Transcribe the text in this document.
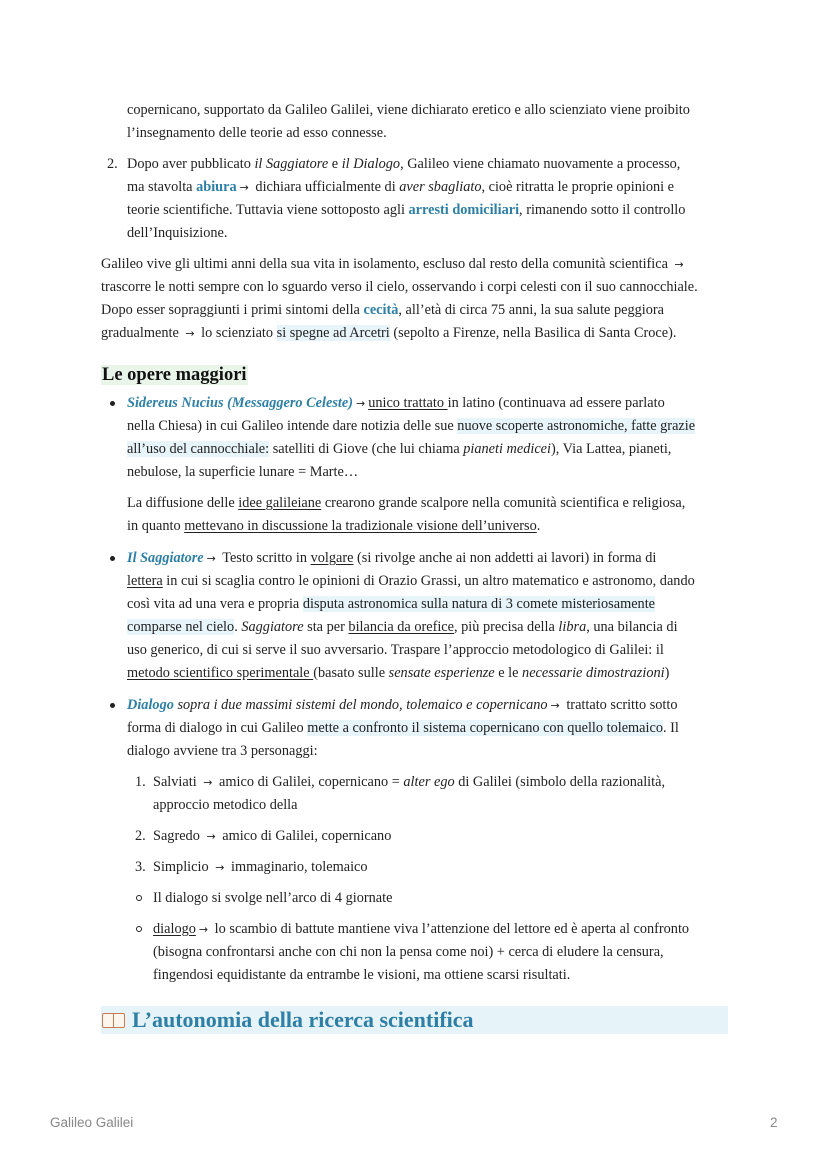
copernicano, supportato da Galileo Galilei, viene dichiarato eretico e allo scienziato viene proibito

l’insegnamento delle teorie ad esso connesse.

2. Dopo aver pubblicato il Saggiatore e il Dialogo, Galileo viene chiamato nuovamente a processo,

ma stavolta abiura → dichiara ufficialmente di aver sbagliato, cioè ritratta le proprie opinioni e

teorie scientifiche. Tuttavia viene sottoposto agli arresti domiciliari, rimanendo sotto il controllo

dell’Inquisizione.

Galileo vive gli ultimi anni della sua vita in isolamento, escluso dal resto della comunità scientifica →

trascorre le notti sempre con lo sguardo verso il cielo, osservando i corpi celesti con il suo cannocchiale.

Dopo esser sopraggiunti i primi sintomi della cecità, all’età di circa 75 anni, la sua salute peggiora

gradualmente → lo scienziato si spegne ad Arcetri (sepolto a Firenze, nella Basilica di Santa Croce).

Le opere maggiori

Sidereus Nucius (Messaggero Celeste) → unico trattato in latino (continuava ad essere parlato

nella Chiesa) in cui Galileo intende dare notizia delle sue nuove scoperte astronomiche, fatte grazie

all’uso del cannocchiale: satelliti di Giove (che lui chiama pianeti medicei), Via Lattea, pianeti,

nebulose, la superficie lunare = Marte…

La diffusione delle idee galileiane crearono grande scalpore nella comunità scientifica e religiosa,

in quanto mettevano in discussione la tradizionale visione dell’universo.

Il Saggiatore → Testo scritto in volgare (si rivolge anche ai non addetti ai lavori) in forma di

lettera in cui si scaglia contro le opinioni di Orazio Grassi, un altro matematico e astronomo, dando

così vita ad una vera e propria disputa astronomica sulla natura di 3 comete misteriosamente

comparse nel cielo. Saggiatore sta per bilancia da orefice, più precisa della libra, una bilancia di

uso generico, di cui si serve il suo avversario. Traspare l’approccio metodologico di Galilei: il

metodo scientifico sperimentale (basato sulle sensate esperienze e le necessarie dimostrazioni)

Dialogo sopra i due massimi sistemi del mondo, tolemaico e copernicano → trattato scritto sotto

forma di dialogo in cui Galileo mette a confronto il sistema copernicano con quello tolemaico. Il

dialogo avviene tra 3 personaggi:

1. Salviati → amico di Galilei, copernicano = alter ego di Galilei (simbolo della razionalità,

approccio metodico della

2. Sagredo → amico di Galilei, copernicano

3. Simplicio → immaginario, tolemaico

Il dialogo si svolge nell’arco di 4 giornate

dialogo → lo scambio di battute mantiene viva l’attenzione del lettore ed è aperta al confronto

(bisogna confrontarsi anche con chi non la pensa come noi) + cerca di eludere la censura,

fingendosi equidistante da entrambe le visioni, ma ottiene scarsi risultati.

L’autonomia della ricerca scientifica
Galileo Galilei	2
